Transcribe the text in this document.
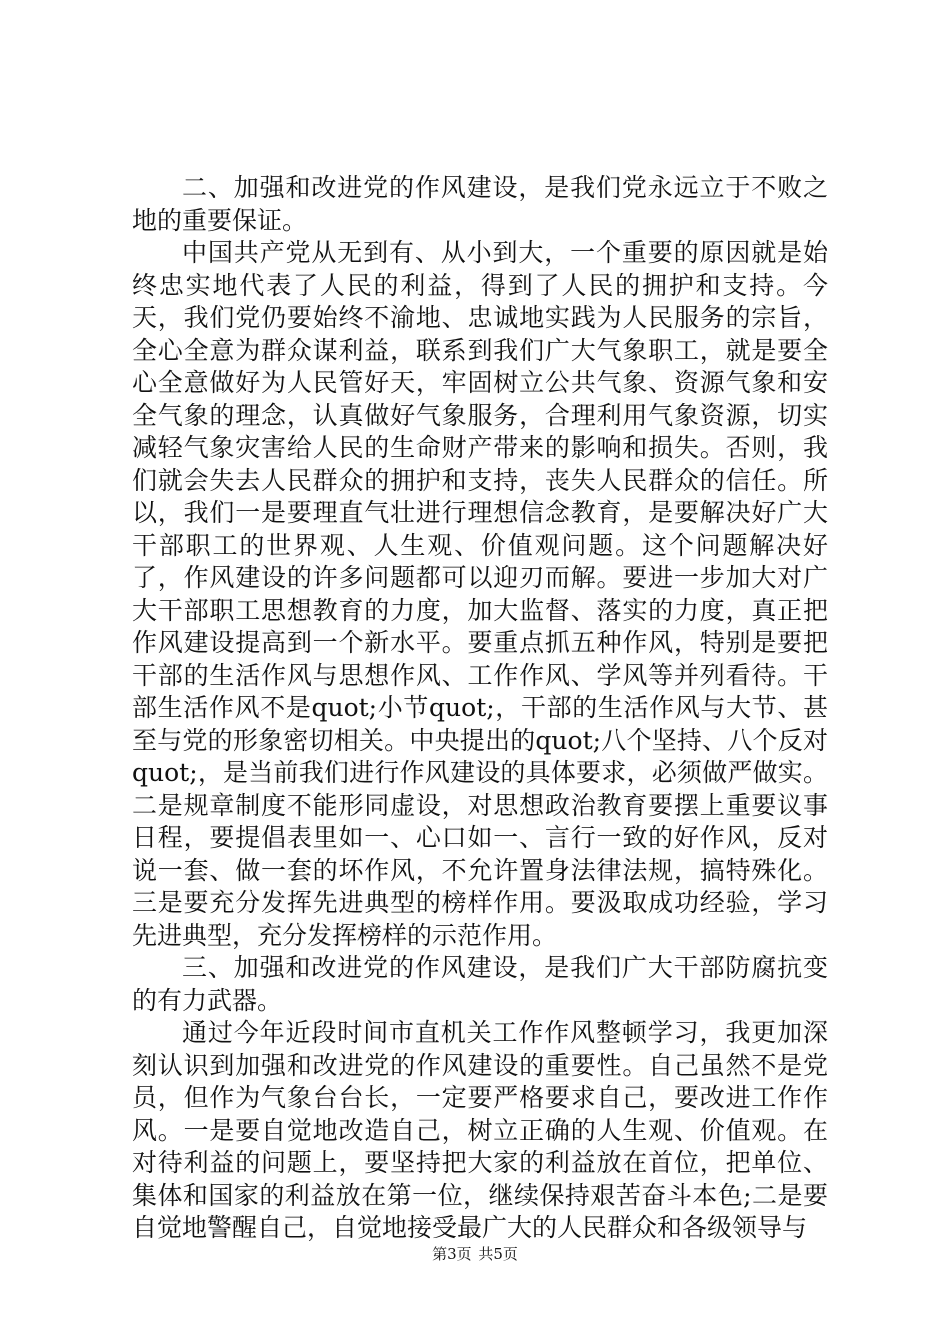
二、加强和改进党的作风建设，是我们党永远立于不败之地的重要保证。

中国共产党从无到有、从小到大，一个重要的原因就是始终忠实地代表了人民的利益，得到了人民的拥护和支持。今天，我们党仍要始终不渝地、忠诚地实践为人民服务的宗旨，全心全意为群众谋利益，联系到我们广大气象职工，就是要全心全意做好为人民管好天，牢固树立公共气象、资源气象和安全气象的理念，认真做好气象服务，合理利用气象资源，切实减轻气象灾害给人民的生命财产带来的影响和损失。否则，我们就会失去人民群众的拥护和支持，丧失人民群众的信任。所以，我们一是要理直气壮进行理想信念教育，是要解决好广大干部职工的世界观、人生观、价值观问题。这个问题解决好了，作风建设的许多问题都可以迎刃而解。要进一步加大对广大干部职工思想教育的力度，加大监督、落实的力度，真正把作风建设提高到一个新水平。要重点抓五种作风，特别是要把干部的生活作风与思想作风、工作作风、学风等并列看待。干部生活作风不是quot;小节quot;，干部的生活作风与大节、甚至与党的形象密切相关。中央提出的quot;八个坚持、八个反对quot;，是当前我们进行作风建设的具体要求，必须做严做实。二是规章制度不能形同虚设，对思想政治教育要摆上重要议事日程，要提倡表里如一、心口如一、言行一致的好作风，反对说一套、做一套的坏作风，不允许置身法律法规，搞特殊化。三是要充分发挥先进典型的榜样作用。要汲取成功经验，学习先进典型，充分发挥榜样的示范作用。

三、加强和改进党的作风建设，是我们广大干部防腐抗变的有力武器。

通过今年近段时间市直机关工作作风整顿学习，我更加深刻认识到加强和改进党的作风建设的重要性。自己虽然不是党员，但作为气象台台长，一定要严格要求自己，要改进工作作风。一是要自觉地改造自己，树立正确的人生观、价值观。在对待利益的问题上，要坚持把大家的利益放在首位，把单位、集体和国家的利益放在第一位，继续保持艰苦奋斗本色;二是要自觉地警醒自己，自觉地接受最广大的人民群众和各级领导与

第3页 共5页
